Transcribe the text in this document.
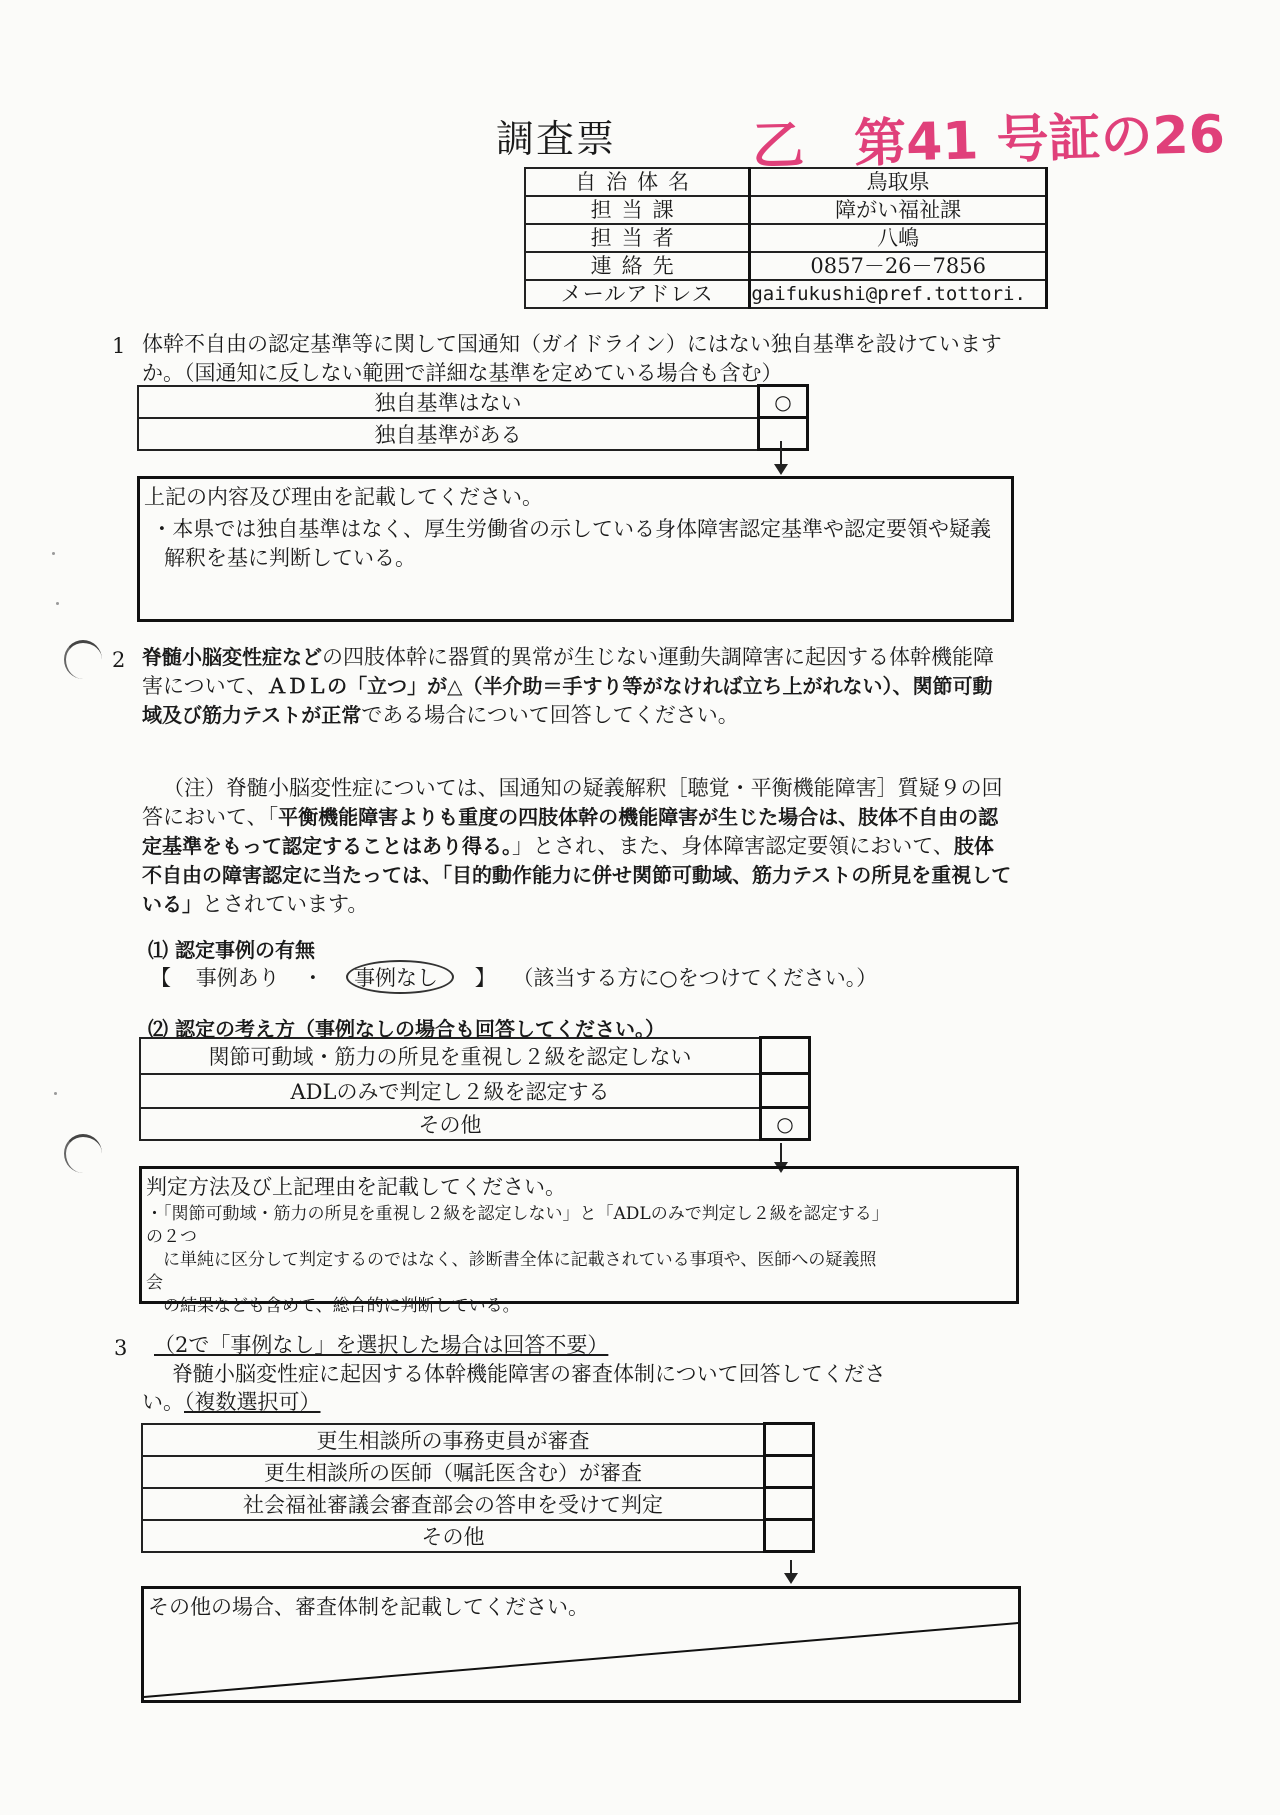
調査票	乙 第41 号証の26
自治体名	鳥取県
担当課	障がい福祉課
担当者	八嶋
連絡先	0857－26－7856
メールアドレス	gaifukushi@pref.tottori.
1 体幹不自由の認定基準等に関して国通知（ガイドライン）にはない独自基準を設けていますか。（国通知に反しない範囲で詳細な基準を定めている場合も含む）
独自基準はない	○
独自基準がある	
上記の内容及び理由を記載してください。
・本県では独自基準はなく、厚生労働省の示している身体障害認定基準や認定要領や疑義解釈を基に判断している。
2 脊髄小脳変性症などの四肢体幹に器質的異常が生じない運動失調障害に起因する体幹機能障害について、ＡＤＬの「立つ」が△（半介助＝手すり等がなければ立ち上がれない）、関節可動域及び筋力テストが正常である場合について回答してください。
（注）脊髄小脳変性症については、国通知の疑義解釈［聴覚・平衡機能障害］質疑９の回答において、「平衡機能障害よりも重度の四肢体幹の機能障害が生じた場合は、肢体不自由の認定基準をもって認定することはあり得る。」とされ、また、身体障害認定要領において、肢体不自由の障害認定に当たっては、「目的動作能力に併せ関節可動域、筋力テストの所見を重視している」とされています。
⑴ 認定事例の有無
【 事例あり ・ 事例なし 】 （該当する方に○をつけてください。）
⑵ 認定の考え方（事例なしの場合も回答してください。）
関節可動域・筋力の所見を重視し２級を認定しない	
ADLのみで判定し２級を認定する	
その他	○
判定方法及び上記理由を記載してください。
・「関節可動域・筋力の所見を重視し２級を認定しない」と「ADLのみで判定し２級を認定する」
の２つ
　に単純に区分して判定するのではなく、診断書全体に記載されている事項や、医師への疑義照
会
　の結果なども含めて、総合的に判断している。
3 （2で「事例なし」を選択した場合は回答不要）
脊髄小脳変性症に起因する体幹機能障害の審査体制について回答してくださ
い。（複数選択可）
更生相談所の事務吏員が審査	
更生相談所の医師（嘱託医含む）が審査	
社会福祉審議会審査部会の答申を受けて判定	
その他	
その他の場合、審査体制を記載してください。
